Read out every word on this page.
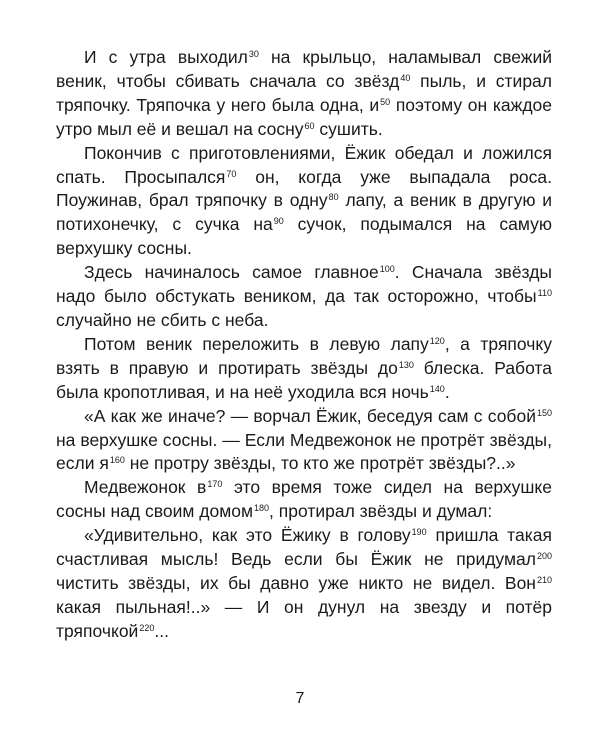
И с утра выходил$^{30}$ на крыльцо, наламывал свежий веник, чтобы сбивать сначала со звёзд$^{40}$ пыль, и стирал тряпочку. Тряпочка у него была одна, $и^{50}$ поэтому он каждое утро мыл её и вешал на сосну$^{60}$ сушить.

Покончив с приготовлениями, Ёжик обедал и ложился спать. Просыпался$^{70}$ он, когда уже выпадала роса. Поужинав, брал тряпочку в одну$^{80}$ лапу, а веник в другую и потихонечку, с сучка $на^{90}$ сучок, подымался на самую верхушку сосны.

Здесь начиналось самое главное$^{100}$. Сначала звёзды надо было обстукать веником, да так осторожно, чтобы$^{110}$ случайно не сбить с неба.

Потом веник переложить в левую лапу$^{120}$, а тряпочку взять в правую и протирать звёзды $до^{130}$ блеска. Работа была кропотливая, и на неё уходила вся ночь$^{140}$.

«А как же иначе? — ворчал Ёжик, беседуя сам с собой$^{150}$ на верхушке сосны. — Если Медвежонок не протрёт звёзды, если $я^{160}$ не протру звёзды, то кто же протрёт звёзды?..»

Медвежонок $в^{170}$ это время тоже сидел на верхушке сосны над своим домом$^{180}$, протирал звёзды и думал:

«Удивительно, как это Ёжику в голову$^{190}$ пришла такая счастливая мысль! Ведь если бы Ёжик не придумал$^{200}$ чистить звёзды, их бы давно уже никто не видел. Вон$^{210}$ какая пыльная!..» — И он дунул на звезду и потёр тряпочкой$^{220}$...

7
